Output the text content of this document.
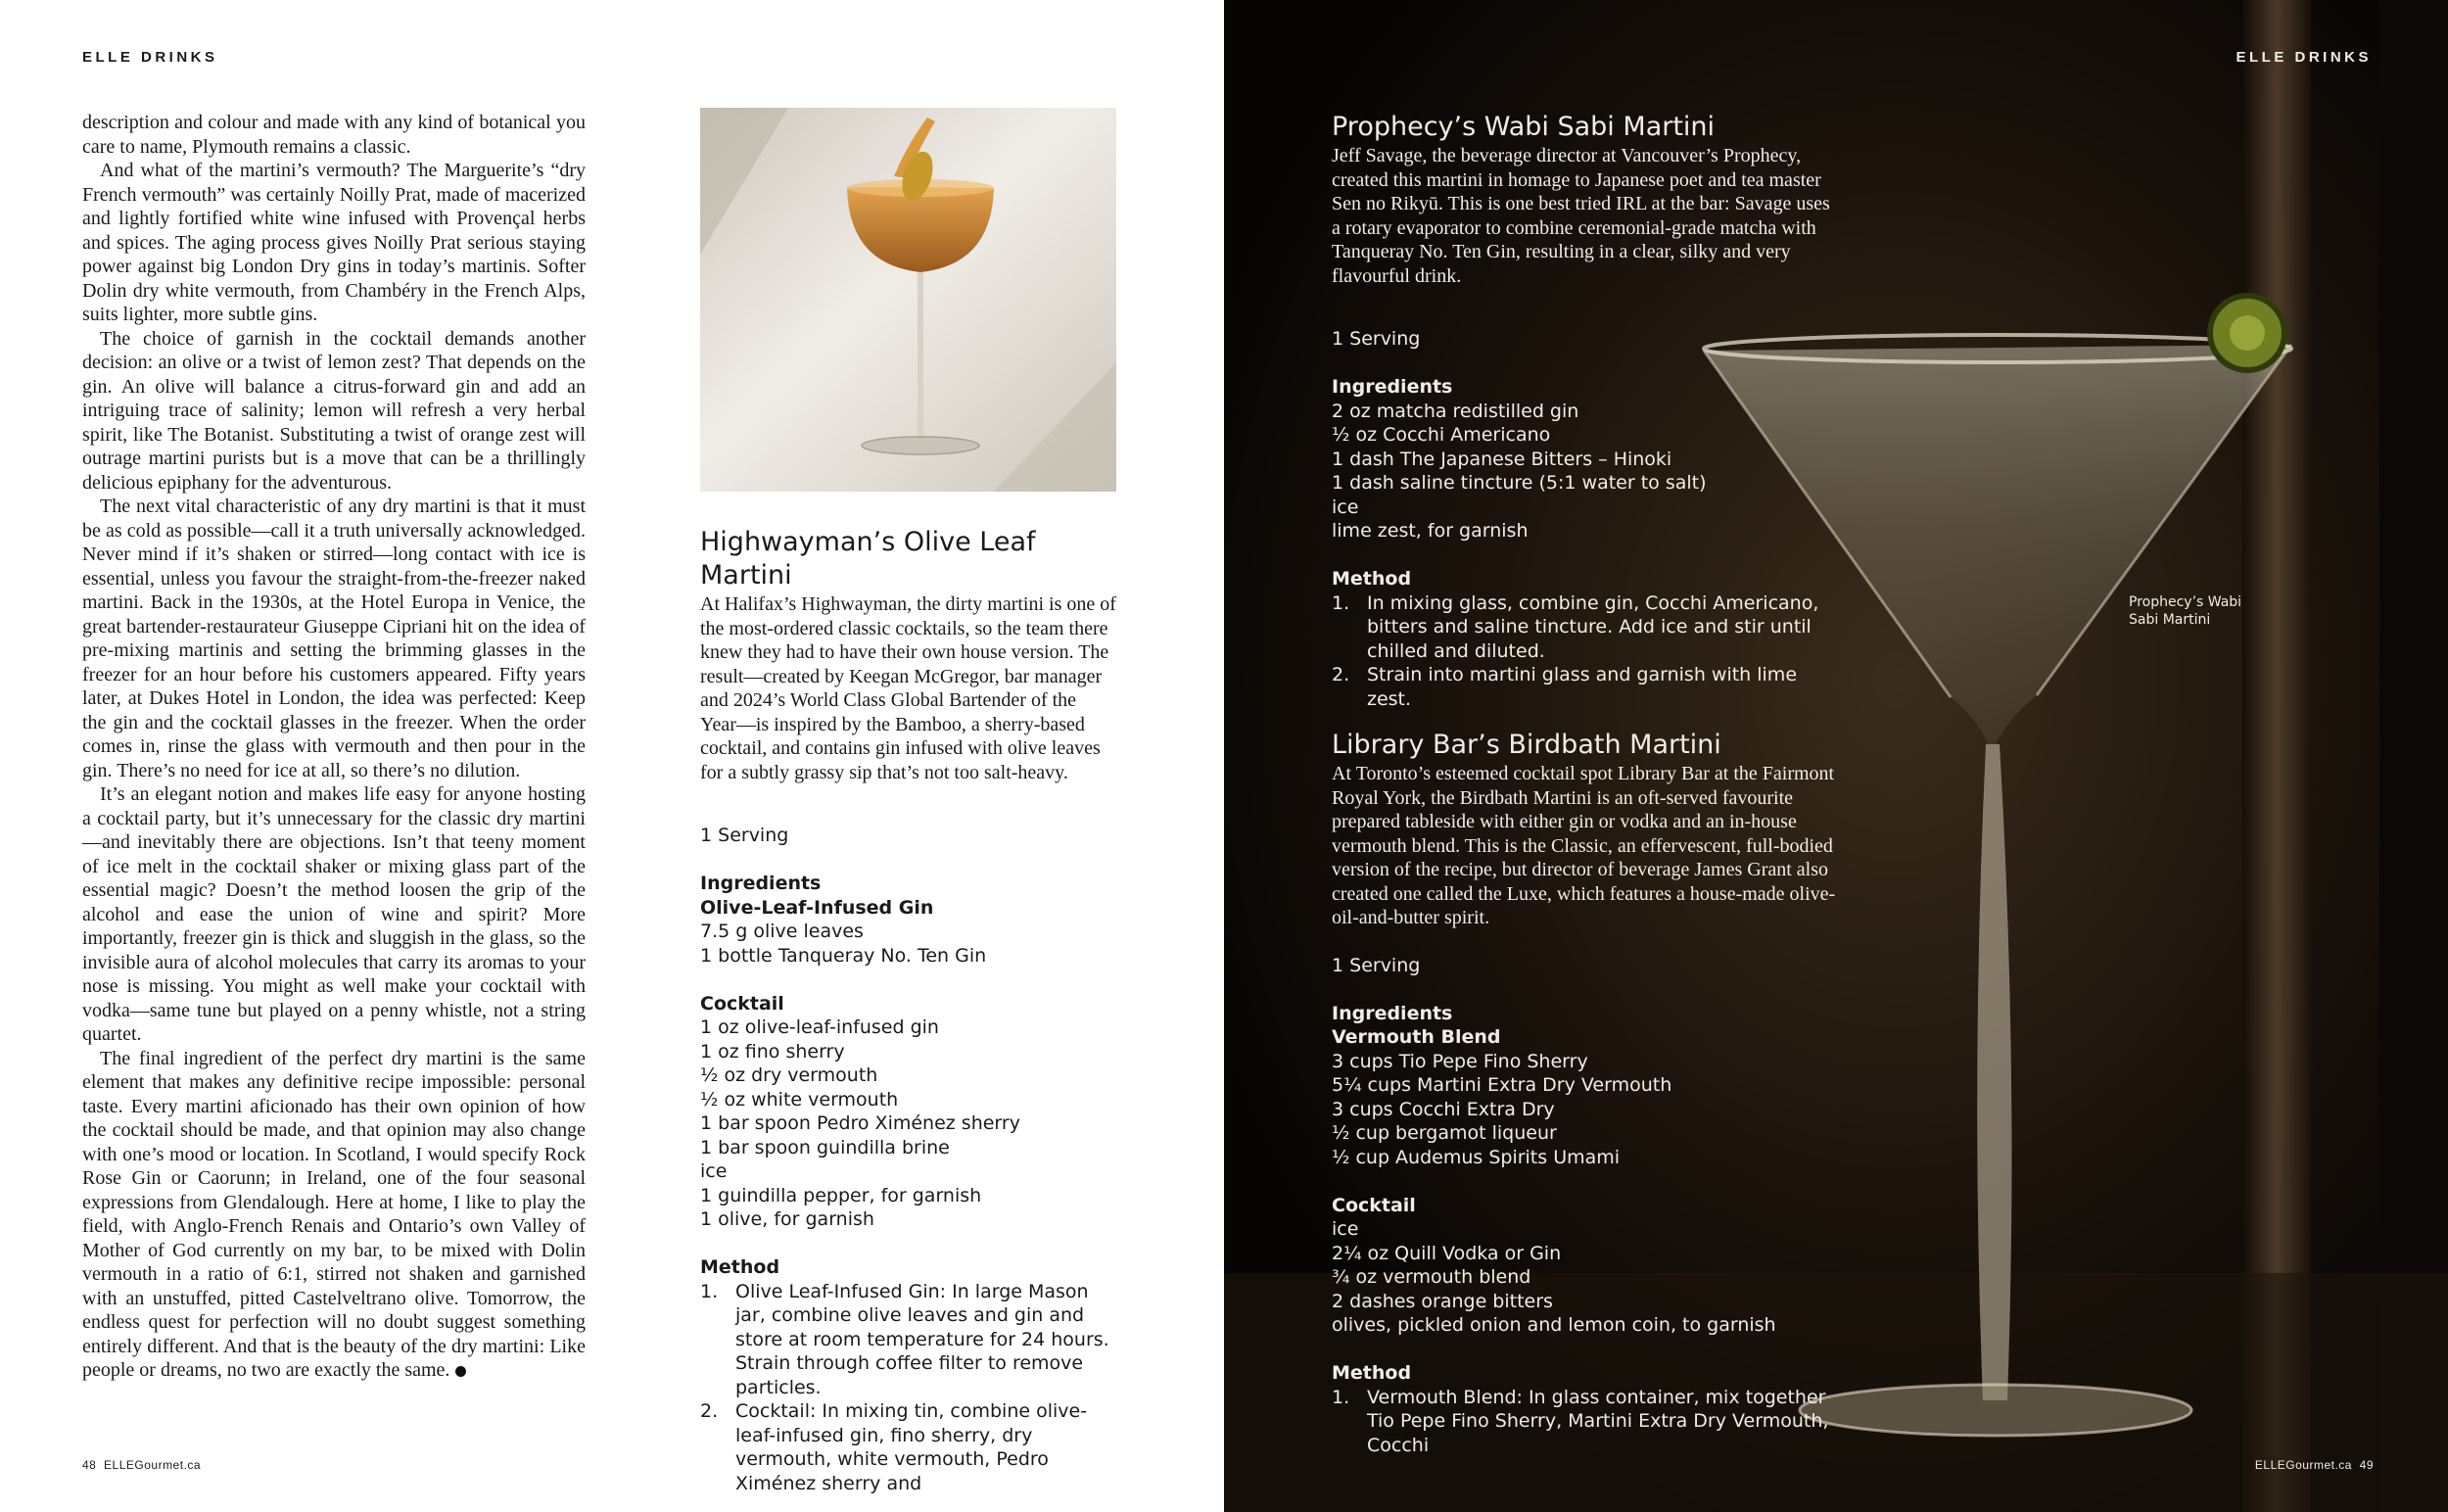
ELLE DRINKS

description and colour and made with any kind of botanical you care to name, Plymouth remains a classic.

And what of the martini’s vermouth? The Marguerite’s “dry French vermouth” was certainly Noilly Prat, made of macerized and lightly fortified white wine infused with Provençal herbs and spices. The aging process gives Noilly Prat serious staying power against big London Dry gins in today’s martinis. Softer Dolin dry white vermouth, from Chambéry in the French Alps, suits lighter, more subtle gins.

The choice of garnish in the cocktail demands another decision: an olive or a twist of lemon zest? That depends on the gin. An olive will balance a citrus-forward gin and add an intriguing trace of salinity; lemon will refresh a very herbal spirit, like The Botanist. Substituting a twist of orange zest will outrage martini purists but is a move that can be a thrillingly delicious epiphany for the adventurous.

The next vital characteristic of any dry martini is that it must be as cold as possible—call it a truth universally acknowledged. Never mind if it’s shaken or stirred—long contact with ice is essential, unless you favour the straight-from-the-freezer naked martini. Back in the 1930s, at the Hotel Europa in Venice, the great bartender-restaurateur Giuseppe Cipriani hit on the idea of pre-mixing martinis and setting the brimming glasses in the freezer for an hour before his customers appeared. Fifty years later, at Dukes Hotel in London, the idea was perfected: Keep the gin and the cocktail glasses in the freezer. When the order comes in, rinse the glass with vermouth and then pour in the gin. There’s no need for ice at all, so there’s no dilution.

It’s an elegant notion and makes life easy for anyone hosting a cocktail party, but it’s unnecessary for the classic dry martini—and inevitably there are objections. Isn’t that teeny moment of ice melt in the cocktail shaker or mixing glass part of the essential magic? Doesn’t the method loosen the grip of the alcohol and ease the union of wine and spirit? More importantly, freezer gin is thick and sluggish in the glass, so the invisible aura of alcohol molecules that carry its aromas to your nose is missing. You might as well make your cocktail with vodka—same tune but played on a penny whistle, not a string quartet.

The final ingredient of the perfect dry martini is the same element that makes any definitive recipe impossible: personal taste. Every martini aficionado has their own opinion of how the cocktail should be made, and that opinion may also change with one’s mood or location. In Scotland, I would specify Rock Rose Gin or Caorunn; in Ireland, one of the four seasonal expressions from Glendalough. Here at home, I like to play the field, with Anglo-French Renais and Ontario’s own Valley of Mother of God currently on my bar, to be mixed with Dolin vermouth in a ratio of 6:1, stirred not shaken and garnished with an unstuffed, pitted Castelveltrano olive. Tomorrow, the endless quest for perfection will no doubt suggest something entirely different. And that is the beauty of the dry martini: Like people or dreams, no two are exactly the same.

Highwayman’s Olive Leaf Martini
At Halifax’s Highwayman, the dirty martini is one of the most-ordered classic cocktails, so the team there knew they had to have their own house version. The result—created by Keegan McGregor, bar manager and 2024’s World Class Global Bartender of the Year—is inspired by the Bamboo, a sherry-based cocktail, and contains gin infused with olive leaves for a subtly grassy sip that’s not too salt-heavy.
1 Serving
Ingredients
Olive-Leaf-Infused Gin
7.5 g olive leaves
1 bottle Tanqueray No. Ten Gin
Cocktail
1 oz olive-leaf-infused gin
1 oz fino sherry
½ oz dry vermouth
½ oz white vermouth
1 bar spoon Pedro Ximénez sherry
1 bar spoon guindilla brine
ice
1 guindilla pepper, for garnish
1 olive, for garnish
Method
1. Olive Leaf-Infused Gin: In large Mason jar, combine olive leaves and gin and store at room temperature for 24 hours. Strain through coffee filter to remove particles.
2. Cocktail: In mixing tin, combine olive-leaf-infused gin, fino sherry, dry vermouth, white vermouth, Pedro Ximénez sherry and
48 ELLEGourmet.ca
ELLE DRINKS
ELLEGourmet.ca 49
Prophecy’s Wabi Sabi Martini
Jeff Savage, the beverage director at Vancouver’s Prophecy, created this martini in homage to Japanese poet and tea master Sen no Rikyū. This is one best tried IRL at the bar: Savage uses a rotary evaporator to combine ceremonial-grade matcha with Tanqueray No. Ten Gin, resulting in a clear, silky and very flavourful drink.
1 Serving
Ingredients
2 oz matcha redistilled gin
½ oz Cocchi Americano
1 dash The Japanese Bitters – Hinoki
1 dash saline tincture (5:1 water to salt)
ice
lime zest, for garnish
Method
1. In mixing glass, combine gin, Cocchi Americano, bitters and saline tincture. Add ice and stir until chilled and diluted.
2. Strain into martini glass and garnish with lime zest.
Library Bar’s Birdbath Martini
At Toronto’s esteemed cocktail spot Library Bar at the Fairmont Royal York, the Birdbath Martini is an oft-served favourite prepared tableside with either gin or vodka and an in-house vermouth blend. This is the Classic, an effervescent, full-bodied version of the recipe, but director of beverage James Grant also created one called the Luxe, which features a house-made olive-oil-and-butter spirit.
1 Serving
Ingredients
Vermouth Blend
3 cups Tio Pepe Fino Sherry
5¼ cups Martini Extra Dry Vermouth
3 cups Cocchi Extra Dry
½ cup bergamot liqueur
½ cup Audemus Spirits Umami
Cocktail
ice
2¼ oz Quill Vodka or Gin
¾ oz vermouth blend
2 dashes orange bitters
olives, pickled onion and lemon coin, to garnish
Method
1. Vermouth Blend: In glass container, mix together Tio Pepe Fino Sherry, Martini Extra Dry Vermouth, Cocchi
Prophecy’s Wabi Sabi Martini
